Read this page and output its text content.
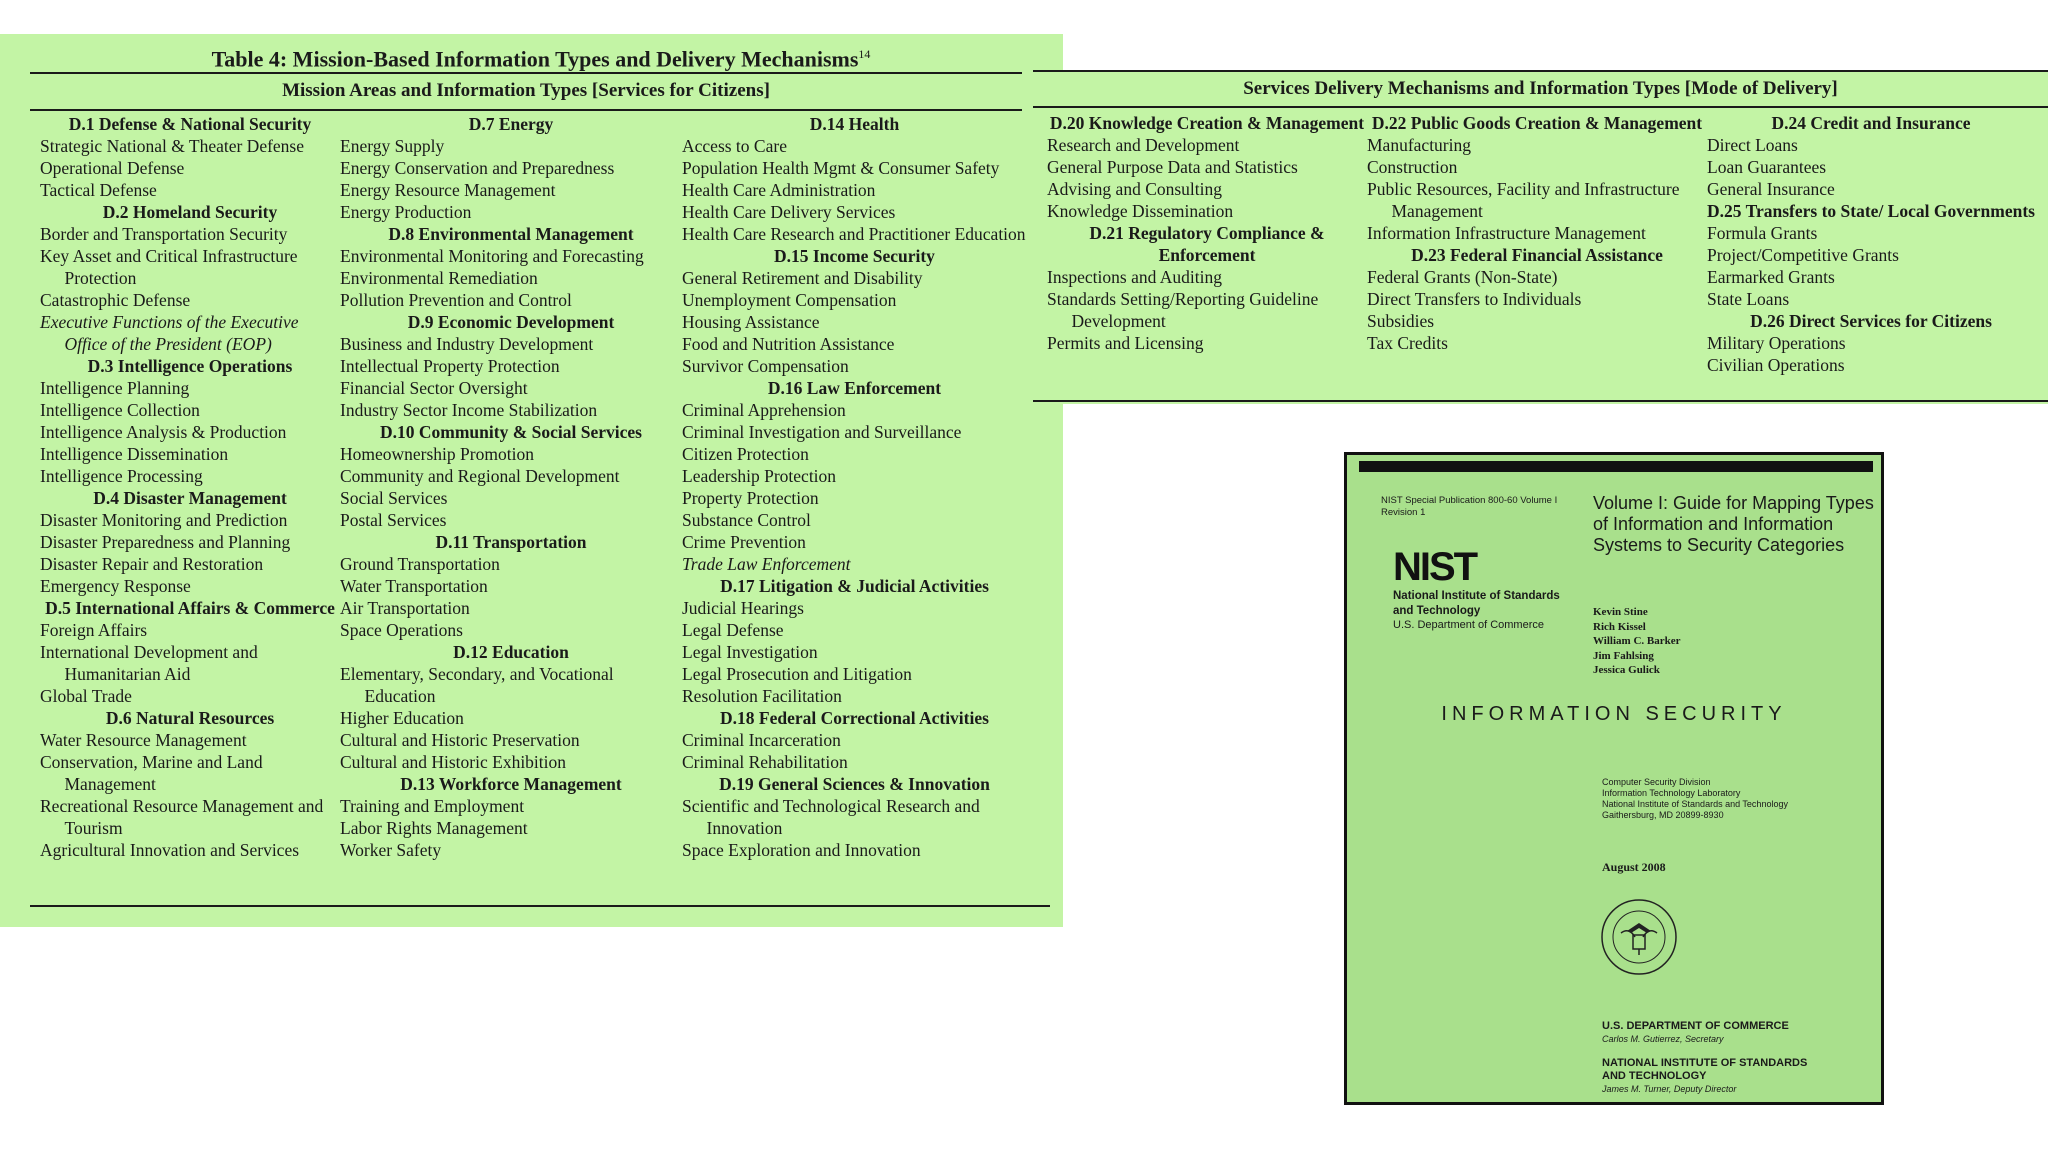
Table 4: Mission-Based Information Types and Delivery Mechanisms$^{14}$
Mission Areas and Information Types [Services for Citizens]
D.1 Defense & National Security
Strategic National & Theater Defense
Operational Defense
Tactical Defense
D.2 Homeland Security
Border and Transportation Security
Key Asset and Critical Infrastructure Protection
Catastrophic Defense
Executive Functions of the Executive Office of the President (EOP)
D.3 Intelligence Operations
Intelligence Planning
Intelligence Collection
Intelligence Analysis & Production
Intelligence Dissemination
Intelligence Processing
D.4 Disaster Management
Disaster Monitoring and Prediction
Disaster Preparedness and Planning
Disaster Repair and Restoration
Emergency Response
D.5 International Affairs & Commerce
Foreign Affairs
International Development and Humanitarian Aid
Global Trade
D.6 Natural Resources
Water Resource Management
Conservation, Marine and Land Management
Recreational Resource Management and Tourism
Agricultural Innovation and Services
D.7 Energy
Energy Supply
Energy Conservation and Preparedness
Energy Resource Management
Energy Production
D.8 Environmental Management
Environmental Monitoring and Forecasting
Environmental Remediation
Pollution Prevention and Control
D.9 Economic Development
Business and Industry Development
Intellectual Property Protection
Financial Sector Oversight
Industry Sector Income Stabilization
D.10 Community & Social Services
Homeownership Promotion
Community and Regional Development
Social Services
Postal Services
D.11 Transportation
Ground Transportation
Water Transportation
Air Transportation
Space Operations
D.12 Education
Elementary, Secondary, and Vocational Education
Higher Education
Cultural and Historic Preservation
Cultural and Historic Exhibition
D.13 Workforce Management
Training and Employment
Labor Rights Management
Worker Safety
D.14 Health
Access to Care
Population Health Mgmt & Consumer Safety
Health Care Administration
Health Care Delivery Services
Health Care Research and Practitioner Education
D.15 Income Security
General Retirement and Disability
Unemployment Compensation
Housing Assistance
Food and Nutrition Assistance
Survivor Compensation
D.16 Law Enforcement
Criminal Apprehension
Criminal Investigation and Surveillance
Citizen Protection
Leadership Protection
Property Protection
Substance Control
Crime Prevention
Trade Law Enforcement
D.17 Litigation & Judicial Activities
Judicial Hearings
Legal Defense
Legal Investigation
Legal Prosecution and Litigation
Resolution Facilitation
D.18 Federal Correctional Activities
Criminal Incarceration
Criminal Rehabilitation
D.19 General Sciences & Innovation
Scientific and Technological Research and Innovation
Space Exploration and Innovation
Services Delivery Mechanisms and Information Types [Mode of Delivery]
D.20 Knowledge Creation & Management
Research and Development
General Purpose Data and Statistics
Advising and Consulting
Knowledge Dissemination
D.21 Regulatory Compliance & Enforcement
Inspections and Auditing
Standards Setting/Reporting Guideline Development
Permits and Licensing
D.22 Public Goods Creation & Management
Manufacturing
Construction
Public Resources, Facility and Infrastructure Management
Information Infrastructure Management
D.23 Federal Financial Assistance
Federal Grants (Non-State)
Direct Transfers to Individuals
Subsidies
Tax Credits
D.24 Credit and Insurance
Direct Loans
Loan Guarantees
General Insurance
D.25 Transfers to State/ Local Governments
Formula Grants
Project/Competitive Grants
Earmarked Grants
State Loans
D.26 Direct Services for Citizens
Military Operations
Civilian Operations
NIST Special Publication 800-60 Volume I Revision 1
NIST
National Institute of Standards and Technology
U.S. Department of Commerce
Volume I: Guide for Mapping Types of Information and Information Systems to Security Categories
Kevin Stine
Rich Kissel
William C. Barker
Jim Fahlsing
Jessica Gulick
INFORMATION SECURITY
Computer Security Division
Information Technology Laboratory
National Institute of Standards and Technology
Gaithersburg, MD 20899-8930
August 2008
U.S. DEPARTMENT OF COMMERCE
Carlos M. Gutierrez, Secretary
NATIONAL INSTITUTE OF STANDARDS AND TECHNOLOGY
James M. Turner, Deputy Director
